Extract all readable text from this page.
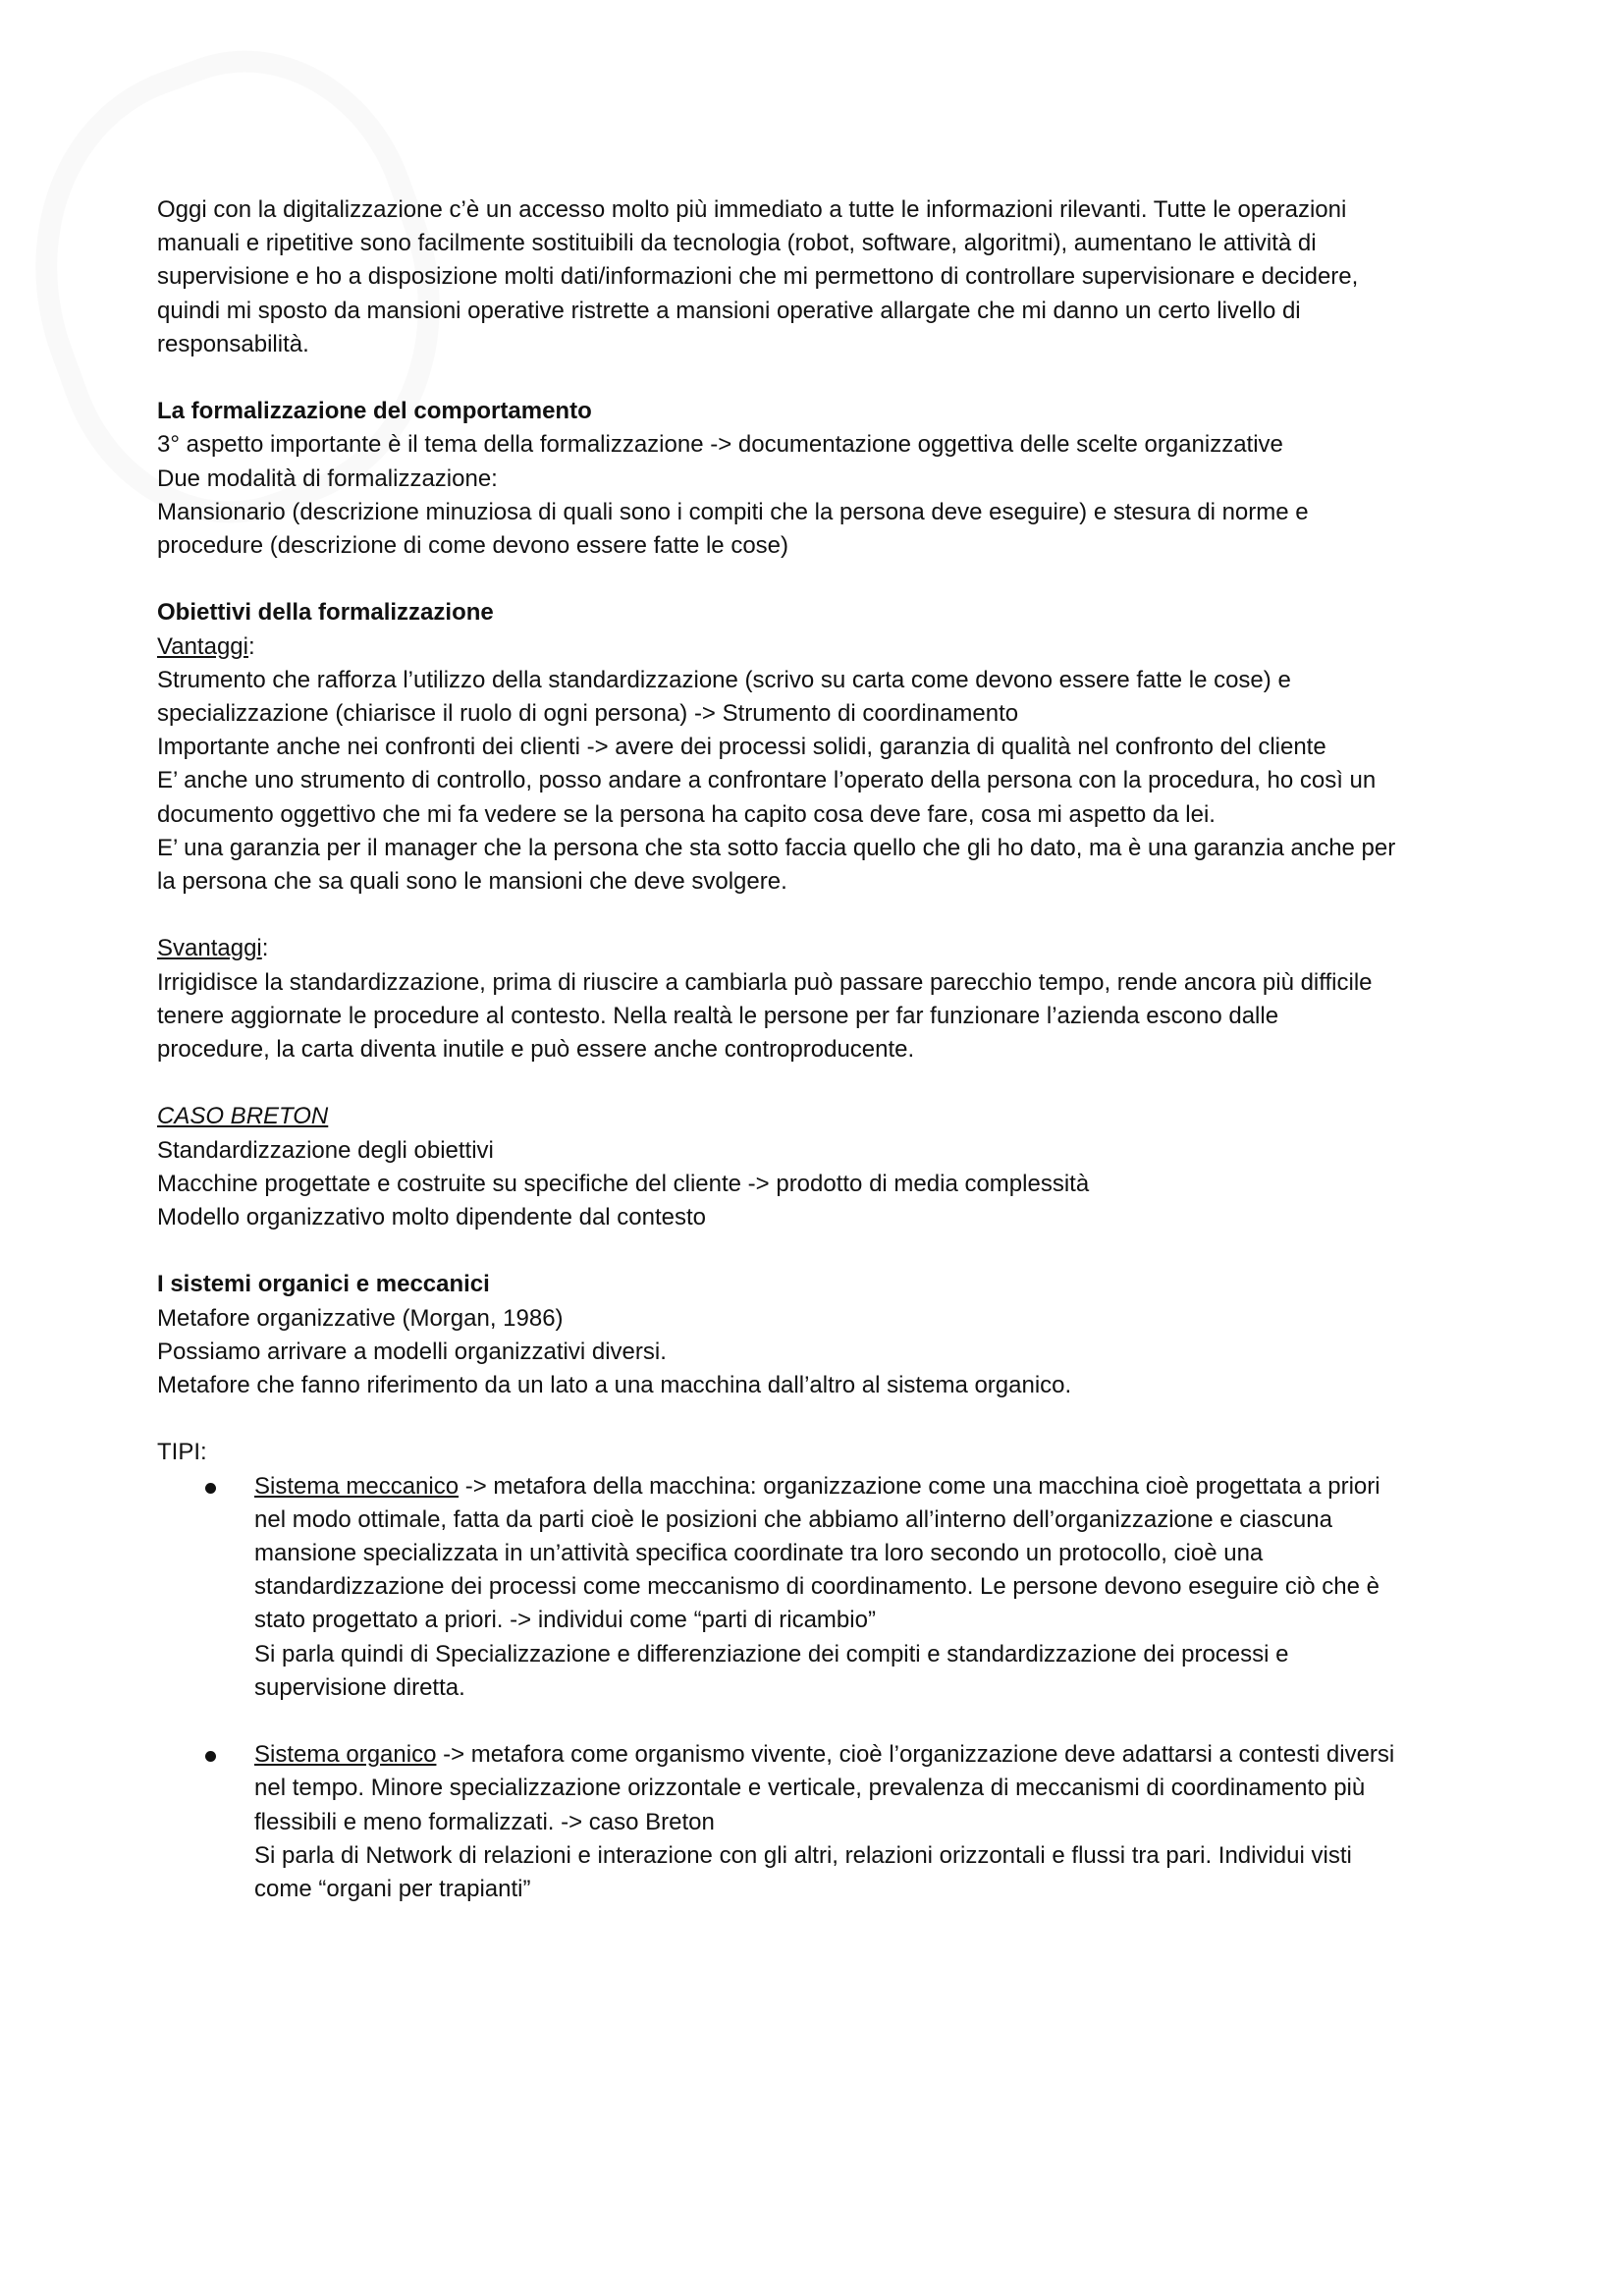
Oggi con la digitalizzazione c’è un accesso molto più immediato a tutte le informazioni rilevanti. Tutte le operazioni
manuali e ripetitive sono facilmente sostituibili da tecnologia (robot, software, algoritmi), aumentano le attività di
supervisione e ho a disposizione molti dati/informazioni che mi permettono di controllare supervisionare e decidere,
quindi mi sposto da mansioni operative ristrette a mansioni operative allargate che mi danno un certo livello di
responsabilità.
La formalizzazione del comportamento
3° aspetto importante è il tema della formalizzazione -> documentazione oggettiva delle scelte organizzative
Due modalità di formalizzazione:
Mansionario (descrizione minuziosa di quali sono i compiti che la persona deve eseguire) e stesura di norme e
procedure (descrizione di come devono essere fatte le cose)
Obiettivi della formalizzazione
Vantaggi:
Strumento che rafforza l’utilizzo della standardizzazione (scrivo su carta come devono essere fatte le cose) e
specializzazione (chiarisce il ruolo di ogni persona) -> Strumento di coordinamento
Importante anche nei confronti dei clienti -> avere dei processi solidi, garanzia di qualità nel confronto del cliente
E’ anche uno strumento di controllo, posso andare a confrontare l’operato della persona con la procedura, ho così un
documento oggettivo che mi fa vedere se la persona ha capito cosa deve fare, cosa mi aspetto da lei.
E’ una garanzia per il manager che la persona che sta sotto faccia quello che gli ho dato, ma è una garanzia anche per
la persona che sa quali sono le mansioni che deve svolgere.
Svantaggi:
Irrigidisce la standardizzazione, prima di riuscire a cambiarla può passare parecchio tempo, rende ancora più difficile
tenere aggiornate le procedure al contesto. Nella realtà le persone per far funzionare l’azienda escono dalle
procedure, la carta diventa inutile e può essere anche controproducente.
CASO BRETON
Standardizzazione degli obiettivi
Macchine progettate e costruite su specifiche del cliente -> prodotto di media complessità
Modello organizzativo molto dipendente dal contesto
I sistemi organici e meccanici
Metafore organizzative (Morgan, 1986)
Possiamo arrivare a modelli organizzativi diversi.
Metafore che fanno riferimento da un lato a una macchina dall’altro al sistema organico.
TIPI:
Sistema meccanico -> metafora della macchina: organizzazione come una macchina cioè progettata a priori
nel modo ottimale, fatta da parti cioè le posizioni che abbiamo all’interno dell’organizzazione e ciascuna
mansione specializzata in un’attività specifica coordinate tra loro secondo un protocollo, cioè una
standardizzazione dei processi come meccanismo di coordinamento. Le persone devono eseguire ciò che è
stato progettato a priori. -> individui come “parti di ricambio”
Si parla quindi di Specializzazione e differenziazione dei compiti e standardizzazione dei processi e
supervisione diretta.
Sistema organico -> metafora come organismo vivente, cioè l’organizzazione deve adattarsi a contesti diversi
nel tempo. Minore specializzazione orizzontale e verticale, prevalenza di meccanismi di coordinamento più
flessibili e meno formalizzati. -> caso Breton
Si parla di Network di relazioni e interazione con gli altri, relazioni orizzontali e flussi tra pari. Individui visti
come “organi per trapianti”
